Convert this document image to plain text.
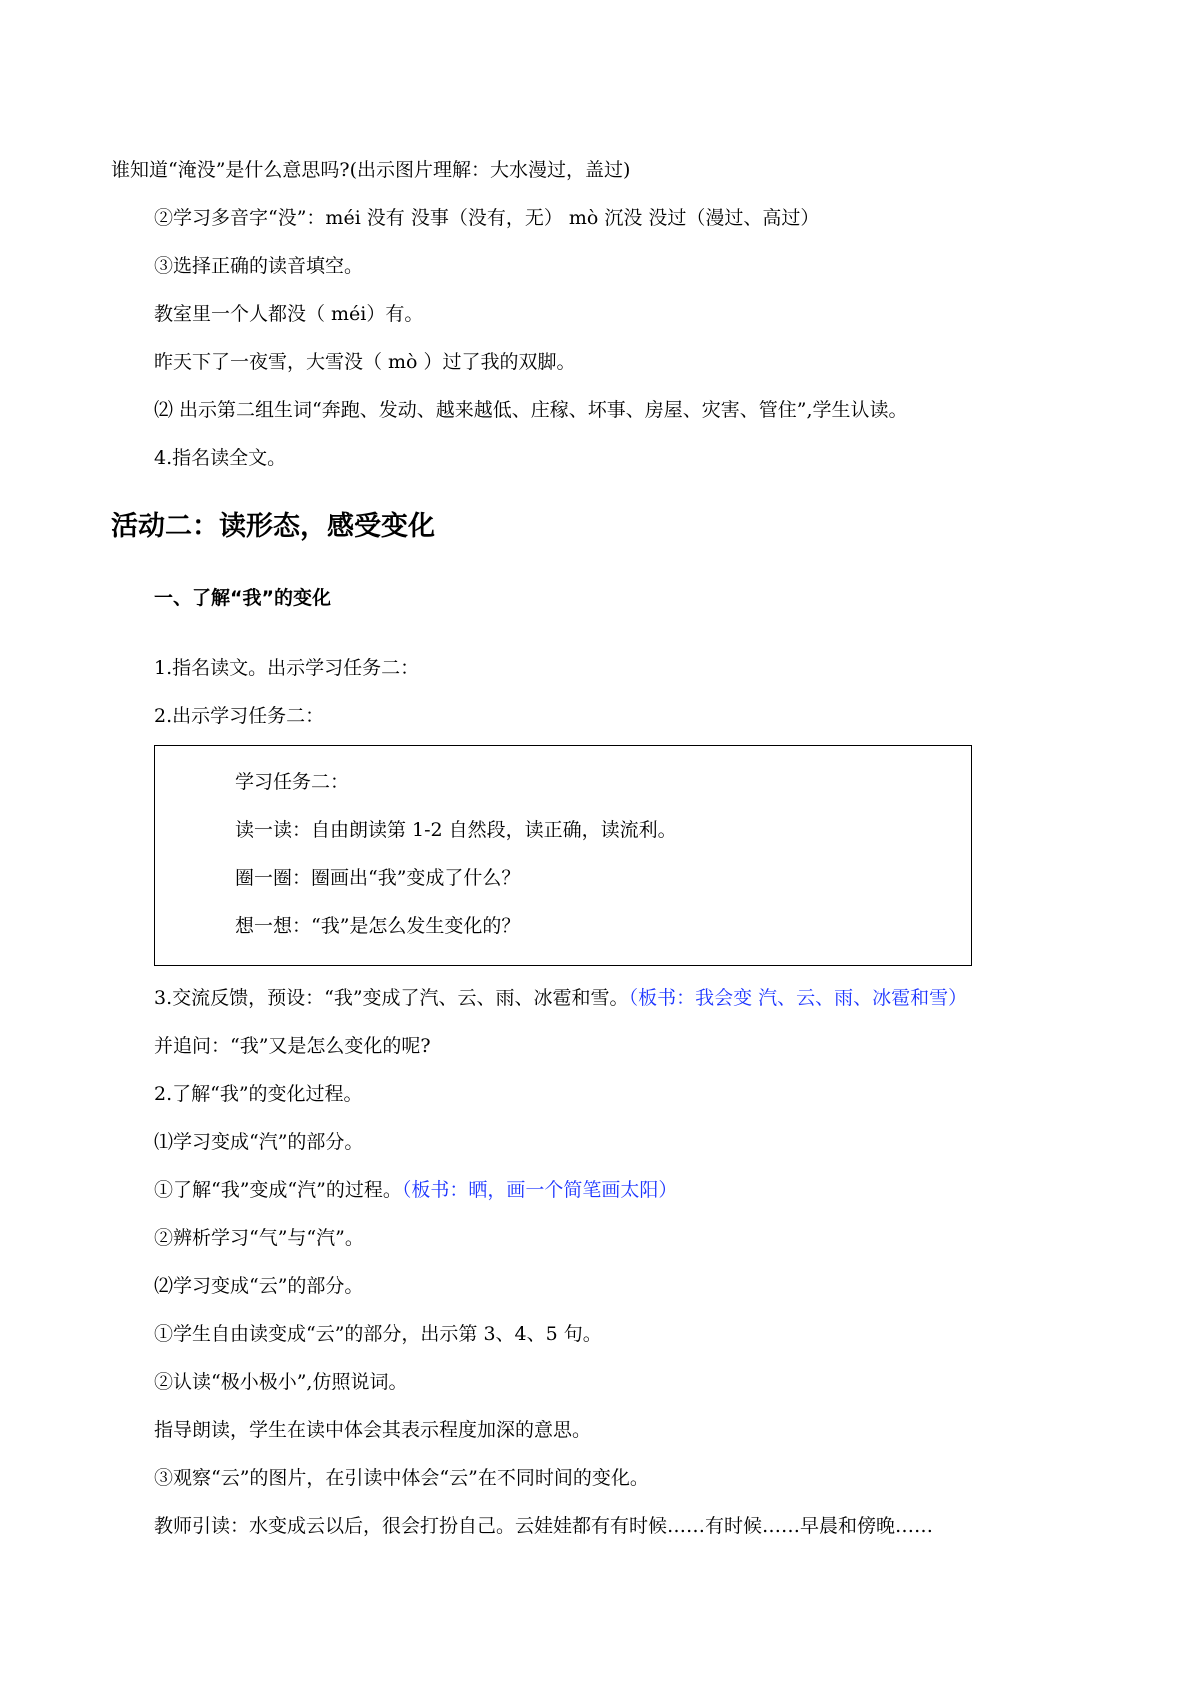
谁知道“淹没”是什么意思吗?(出示图片理解：大水漫过，盖过)
②学习多音字“没”：méi 没有 没事（没有，无） mò 沉没 没过（漫过、高过）
③选择正确的读音填空。
教室里一个人都没（ méi）有。
昨天下了一夜雪，大雪没（ mò ）过了我的双脚。
⑵ 出示第二组生词“奔跑、发动、越来越低、庄稼、坏事、房屋、灾害、管住”,学生认读。
4.指名读全文。
活动二：读形态，感受变化
一、了解“我”的变化
1.指名读文。出示学习任务二：
2.出示学习任务二：
学习任务二：
读一读：自由朗读第 1-2 自然段，读正确，读流利。
圈一圈：圈画出“我”变成了什么？
想一想：“我”是怎么发生变化的？
3.交流反馈，预设：“我”变成了汽、云、雨、冰雹和雪。（板书：我会变 汽、云、雨、冰雹和雪）
并追问：“我”又是怎么变化的呢?
2.了解“我”的变化过程。
⑴学习变成“汽”的部分。
①了解“我”变成“汽”的过程。（板书：晒，画一个简笔画太阳）
②辨析学习“气”与“汽”。
⑵学习变成“云”的部分。
①学生自由读变成“云”的部分，出示第 3、4、5 句。
②认读“极小极小”,仿照说词。
指导朗读，学生在读中体会其表示程度加深的意思。
③观察“云”的图片，在引读中体会“云”在不同时间的变化。
教师引读：水变成云以后，很会打扮自己。云娃娃都有有时候……有时候……早晨和傍晚……
